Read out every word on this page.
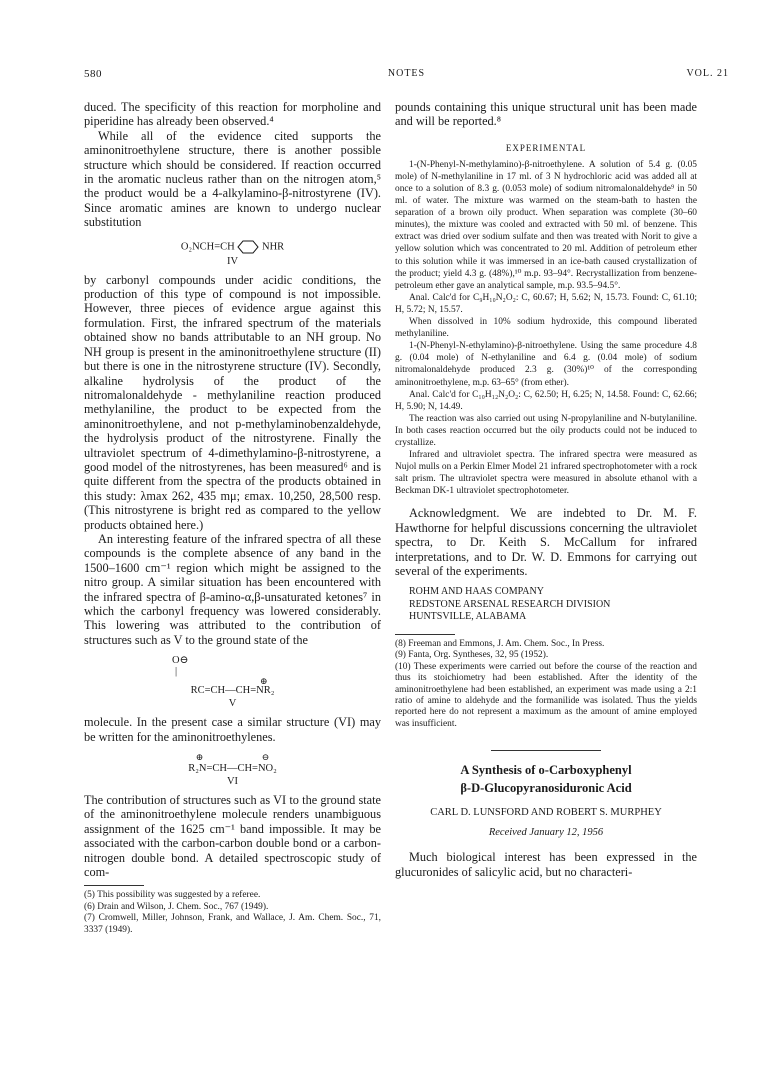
580	NOTES	VOL. 21

duced. The specificity of this reaction for morpholine and piperidine has already been observed.⁴

While all of the evidence cited supports the aminonitroethylene structure, there is another possible structure which should be considered. If reaction occurred in the aromatic nucleus rather than on the nitrogen atom,⁵ the product would be a 4-alkylamino-β-nitrostyrene (IV). Since aromatic amines are known to undergo nuclear substitution

O₂NCH=CH	NHR
IV

by carbonyl compounds under acidic conditions, the production of this type of compound is not impossible. However, three pieces of evidence argue against this formulation. First, the infrared spectrum of the materials obtained show no bands attributable to an NH group. No NH group is present in the aminonitroethylene structure (II) but there is one in the nitrostyrene structure (IV). Secondly, alkaline hydrolysis of the product of the nitromalonaldehyde - methylaniline reaction produced methylaniline, the product to be expected from the aminonitroethylene, and not p-methylaminobenzaldehyde, the hydrolysis product of the nitrostyrene. Finally the ultraviolet spectrum of 4-dimethylamino-β-nitrostyrene, a good model of the nitrostyrenes, has been measured⁶ and is quite different from the spectra of the products obtained in this study: λmax 262, 435 mμ; εmax. 10,250, 28,500 resp. (This nitrostyrene is bright red as compared to the yellow products obtained here.)

An interesting feature of the infrared spectra of all these compounds is the complete absence of any band in the 1500–1600 cm⁻¹ region which might be assigned to the nitro group. A similar situation has been encountered with the infrared spectra of β-amino-α,β-unsaturated ketones⁷ in which the carbonyl frequency was lowered considerably. This lowering was attributed to the contribution of structures such as V to the ground state of the

O⊖
|
⊕
RC=CH—CH=NR₂
V

molecule. In the present case a similar structure (VI) may be written for the aminonitroethylenes.

⊕                          ⊖
R₂N=CH—CH=NO₂
VI

The contribution of structures such as VI to the ground state of the aminonitroethylene molecule renders unambiguous assignment of the 1625 cm⁻¹ band impossible. It may be associated with the carbon-carbon double bond or a carbon-nitrogen double bond. A detailed spectroscopic study of com-

(5) This possibility was suggested by a referee.

(6) Drain and Wilson, J. Chem. Soc., 767 (1949).

(7) Cromwell, Miller, Johnson, Frank, and Wallace, J. Am. Chem. Soc., 71, 3337 (1949).

pounds containing this unique structural unit has been made and will be reported.⁸

EXPERIMENTAL

1-(N-Phenyl-N-methylamino)-β-nitroethylene. A solution of 5.4 g. (0.05 mole) of N-methylaniline in 17 ml. of 3 N hydrochloric acid was added all at once to a solution of 8.3 g. (0.053 mole) of sodium nitromalonaldehyde⁹ in 50 ml. of water. The mixture was warmed on the steam-bath to hasten the separation of a brown oily product. When separation was complete (30–60 minutes), the mixture was cooled and extracted with 50 ml. of benzene. This extract was dried over sodium sulfate and then was treated with Norit to give a yellow solution which was concentrated to 20 ml. Addition of petroleum ether to this solution while it was immersed in an ice-bath caused crystallization of the product; yield 4.3 g. (48%),¹⁰ m.p. 93–94°. Recrystallization from benzene-petroleum ether gave an analytical sample, m.p. 93.5–94.5°.

Anal. Calc'd for C₉H₁₀N₂O₂: C, 60.67; H, 5.62; N, 15.73. Found: C, 61.10; H, 5.72; N, 15.57.

When dissolved in 10% sodium hydroxide, this compound liberated methylaniline.

1-(N-Phenyl-N-ethylamino)-β-nitroethylene. Using the same procedure 4.8 g. (0.04 mole) of N-ethylaniline and 6.4 g. (0.04 mole) of sodium nitromalonaldehyde produced 2.3 g. (30%)¹⁰ of the corresponding aminonitroethylene, m.p. 63–65° (from ether).

Anal. Calc'd for C₁₀H₁₂N₂O₂: C, 62.50; H, 6.25; N, 14.58. Found: C, 62.66; H, 5.90; N, 14.49.

The reaction was also carried out using N-propylaniline and N-butylaniline. In both cases reaction occurred but the oily products could not be induced to crystallize.

Infrared and ultraviolet spectra. The infrared spectra were measured as Nujol mulls on a Perkin Elmer Model 21 infrared spectrophotometer with a rock salt prism. The ultraviolet spectra were measured in absolute ethanol with a Beckman DK-1 ultraviolet spectrophotometer.

Acknowledgment. We are indebted to Dr. M. F. Hawthorne for helpful discussions concerning the ultraviolet spectra, to Dr. Keith S. McCallum for infrared interpretations, and to Dr. W. D. Emmons for carrying out several of the experiments.

ROHM AND HAAS COMPANY
REDSTONE ARSENAL RESEARCH DIVISION
HUNTSVILLE, ALABAMA

(8) Freeman and Emmons, J. Am. Chem. Soc., In Press.

(9) Fanta, Org. Syntheses, 32, 95 (1952).

(10) These experiments were carried out before the course of the reaction and thus its stoichiometry had been established. After the identity of the aminonitroethylene had been established, an experiment was made using a 2:1 ratio of amine to aldehyde and the formanilide was isolated. Thus the yields reported here do not represent a maximum as the amount of amine employed was insufficient.

A Synthesis of o-Carboxyphenyl
β-D-Glucopyranosiduronic Acid
CARL D. LUNSFORD AND ROBERT S. MURPHEY
Received January 12, 1956

Much biological interest has been expressed in the glucuronides of salicylic acid, but no characteri-
